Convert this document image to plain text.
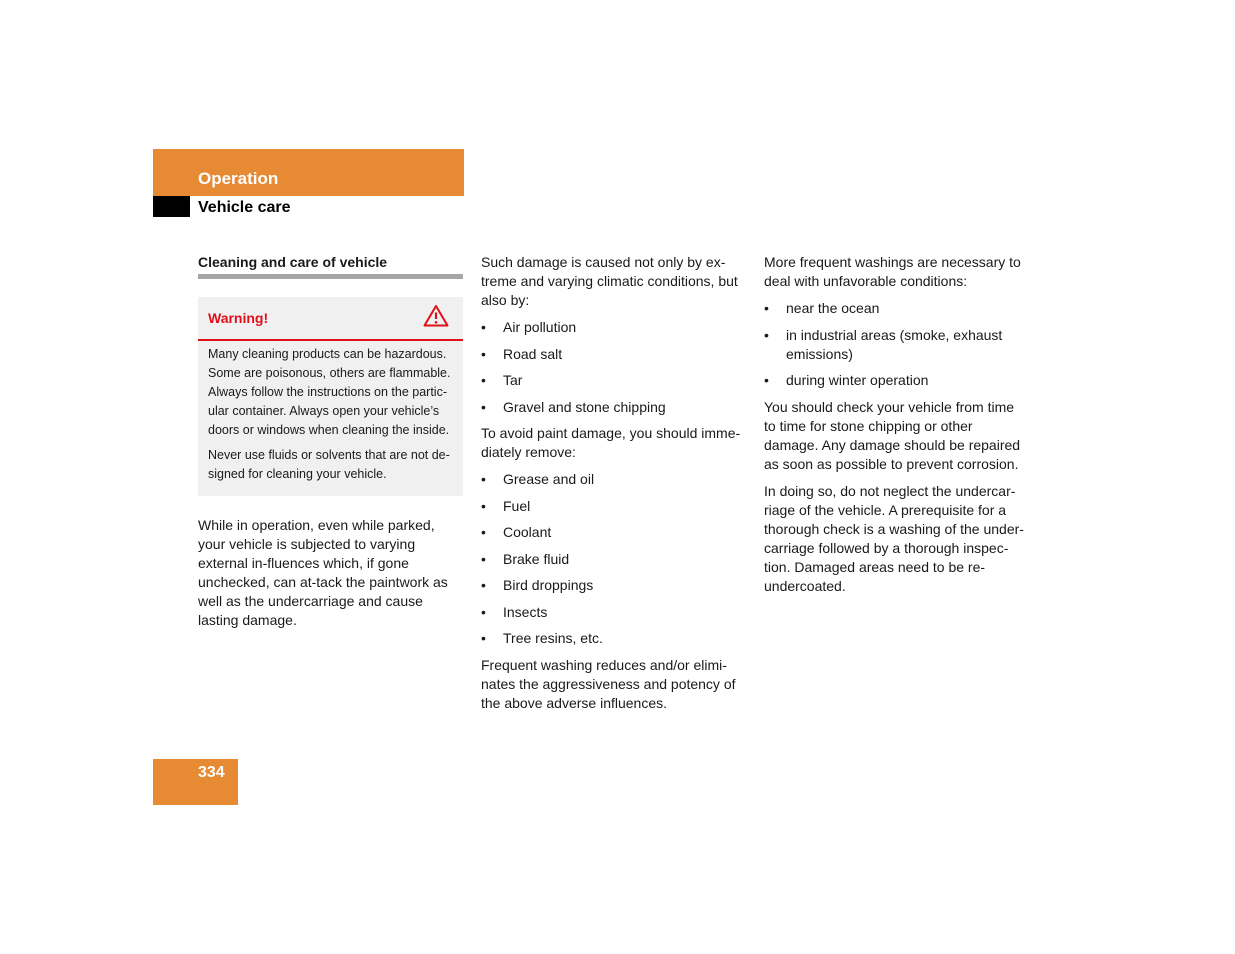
Operation
Vehicle care
Cleaning and care of vehicle
Warning!

Many cleaning products can be hazardous. Some are poisonous, others are flammable. Always follow the instructions on the partic-ular container. Always open your vehicle’s doors or windows when cleaning the inside.

Never use fluids or solvents that are not de-signed for cleaning your vehicle.

While in operation, even while parked, your vehicle is subjected to varying external in-fluences which, if gone unchecked, can at-tack the paintwork as well as the undercarriage and cause lasting damage.

Such damage is caused not only by ex-treme and varying climatic conditions, but also by:

• Air pollution
• Road salt
• Tar
• Gravel and stone chipping

To avoid paint damage, you should imme-diately remove:

• Grease and oil
• Fuel
• Coolant
• Brake fluid
• Bird droppings
• Insects
• Tree resins, etc.

Frequent washing reduces and/or elimi-nates the aggressiveness and potency of the above adverse influences.

More frequent washings are necessary to deal with unfavorable conditions:

• near the ocean
• in industrial areas (smoke, exhaust emissions)
• during winter operation

You should check your vehicle from time to time for stone chipping or other damage. Any damage should be repaired as soon as possible to prevent corrosion.

In doing so, do not neglect the undercar-riage of the vehicle. A prerequisite for a thorough check is a washing of the under-carriage followed by a thorough inspec-tion. Damaged areas need to be re-undercoated.

334
